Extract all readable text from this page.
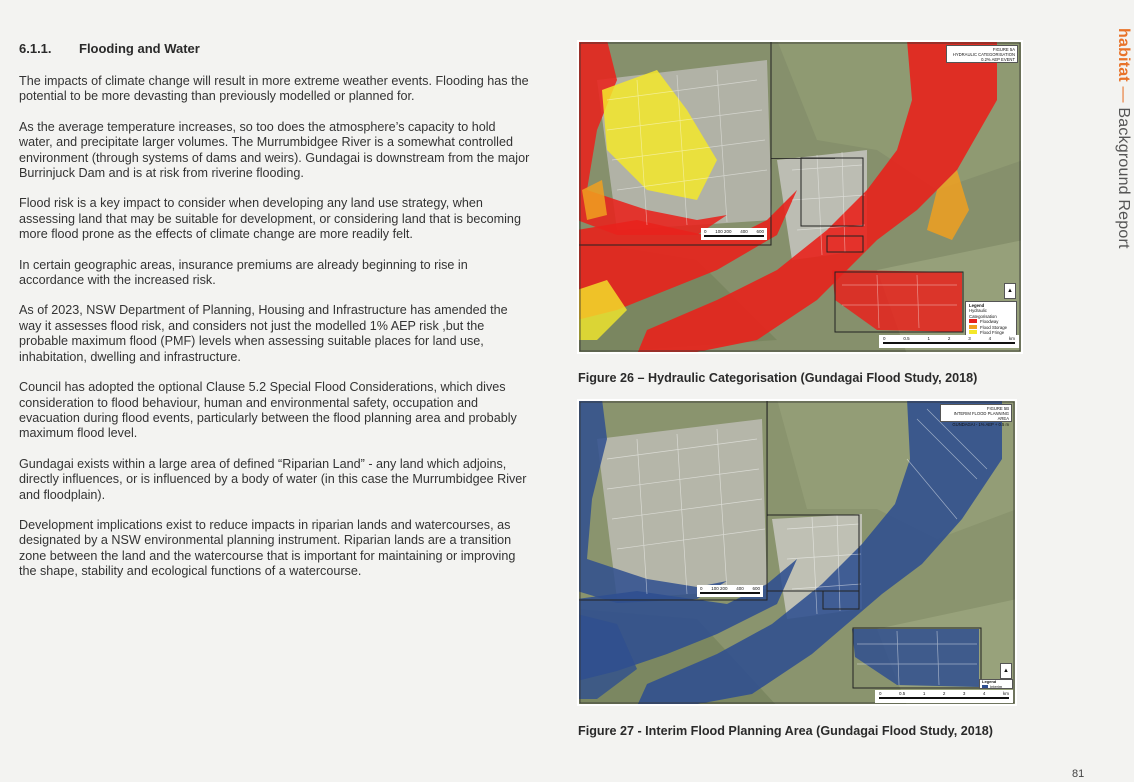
6.1.1. Flooding and Water

The impacts of climate change will result in more extreme weather events. Flooding has the potential to be more devasting than previously modelled or planned for.

As the average temperature increases, so too does the atmosphere’s capacity to hold water, and precipitate larger volumes. The Murrumbidgee River is a somewhat controlled environment (through systems of dams and weirs). Gundagai is downstream from the major Burrinjuck Dam and is at risk from riverine flooding.

Flood risk is a key impact to consider when developing any land use strategy, when assessing land that may be suitable for development, or considering land that is becoming more flood prone as the effects of climate change are more readily felt.

In certain geographic areas, insurance premiums are already beginning to rise in accordance with the increased risk.

As of 2023, NSW Department of Planning, Housing and Infrastructure has amended the way it assesses flood risk, and considers not just the modelled 1% AEP risk ,but the probable maximum flood (PMF) levels when assessing suitable places for land use, inhabitation, dwelling and infrastructure.

Council has adopted the optional Clause 5.2 Special Flood Considerations, which dives consideration to flood behaviour, human and environmental safety, occupation and evacuation during flood events, particularly between the flood planning area and probably maximum flood level.

Gundagai exists within a large area of defined “Riparian Land” - any land which adjoins, directly influences, or is influenced by a body of water (in this case the Murrumbidgee River and floodplain).

Development implications exist to reduce impacts in riparian lands and watercourses, as designated by a NSW environmental planning instrument. Riparian lands are a transition zone between the land and the watercourse that is important for maintaining or improving the shape, stability and ecological functions of a watercourse.

FIGURE 5A
HYDRAULIC CATEGORISATION
0.2% AEP EVENT
0 100 200 400 600
▲
Legend
Hydraulic Categorisation
Floodway
Flood Storage
Flood Fringe
0	0.5	1	2	3	4	km
Figure 26 – Hydraulic Categorisation (Gundagai Flood Study, 2018)
FIGURE 5B
INTERIM FLOOD PLANNING AREA
GUNDAGAI - 1% AEP + 0.5 m
0 100 200 400 600
▲
Legend
Interim
0	0.5	1	2	3	4	km
Figure 27 - Interim Flood Planning Area (Gundagai Flood Study, 2018)
habitat — Background Report
81
